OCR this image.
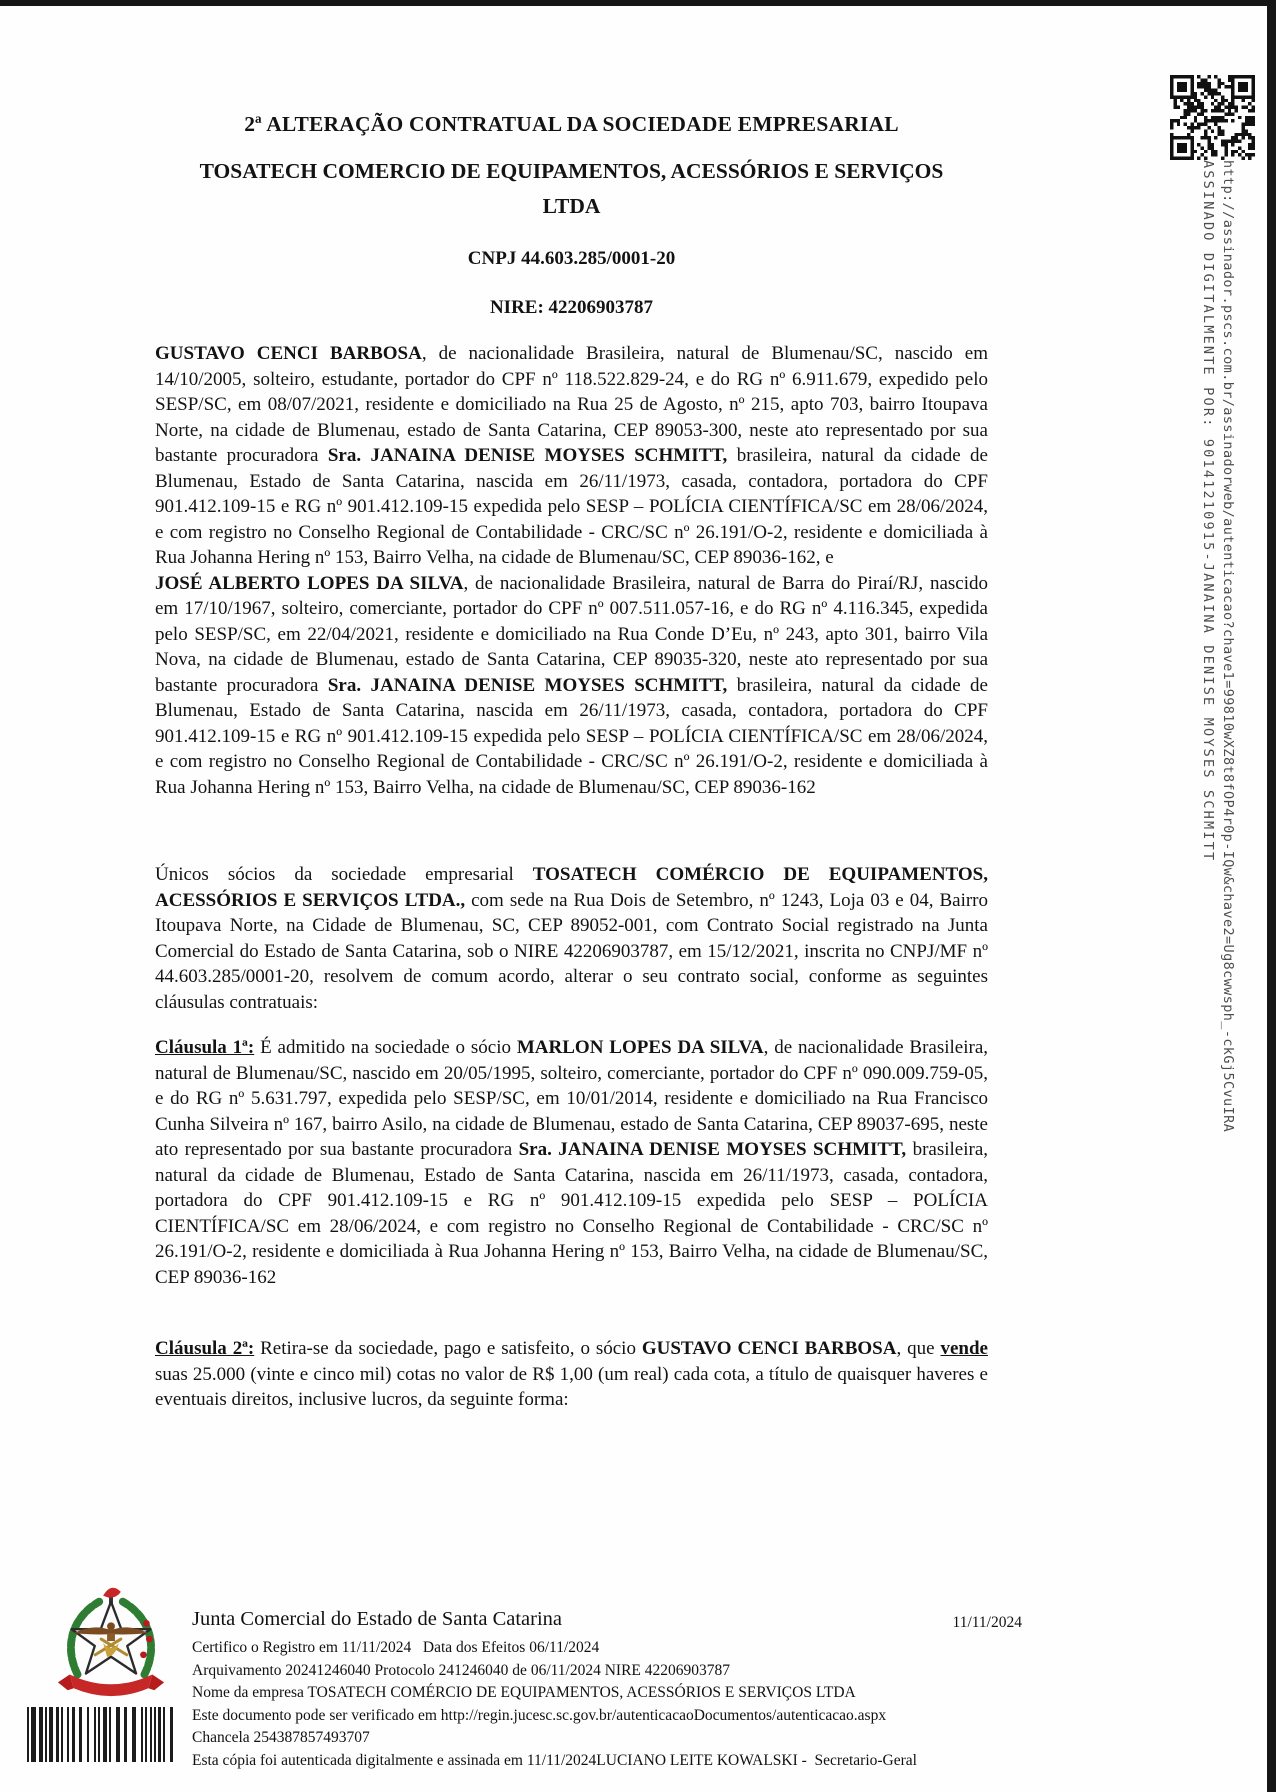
http://assinador.pscs.com.br/assinadorweb/autenticacao?chave1=99810wXZ8t8fOP4r0p-IQw&chave2=Ug8cwwsph_-ckGj5CvuIRA
ASSINADO DIGITALMENTE POR: 90141210915-JANAINA DENISE MOYSES SCHMITT

2ª ALTERAÇÃO CONTRATUAL DA SOCIEDADE EMPRESARIAL

TOSATECH COMERCIO DE EQUIPAMENTOS, ACESSÓRIOS E SERVIÇOS LTDA

CNPJ 44.603.285/0001-20

NIRE: 42206903787

GUSTAVO CENCI BARBOSA, de nacionalidade Brasileira, natural de Blumenau/SC, nascido em 14/10/2005, solteiro, estudante, portador do CPF nº 118.522.829-24, e do RG nº 6.911.679, expedido pelo SESP/SC, em 08/07/2021, residente e domiciliado na Rua 25 de Agosto, nº 215, apto 703, bairro Itoupava Norte, na cidade de Blumenau, estado de Santa Catarina, CEP 89053-300, neste ato representado por sua bastante procuradora Sra. JANAINA DENISE MOYSES SCHMITT, brasileira, natural da cidade de Blumenau, Estado de Santa Catarina, nascida em 26/11/1973, casada, contadora, portadora do CPF 901.412.109-15 e RG nº 901.412.109-15 expedida pelo SESP – POLÍCIA CIENTÍFICA/SC em 28/06/2024, e com registro no Conselho Regional de Contabilidade - CRC/SC nº 26.191/O-2, residente e domiciliada à Rua Johanna Hering nº 153, Bairro Velha, na cidade de Blumenau/SC, CEP 89036-162, e

JOSÉ ALBERTO LOPES DA SILVA, de nacionalidade Brasileira, natural de Barra do Piraí/RJ, nascido em 17/10/1967, solteiro, comerciante, portador do CPF nº 007.511.057-16, e do RG nº 4.116.345, expedida pelo SESP/SC, em 22/04/2021, residente e domiciliado na Rua Conde D’Eu, nº 243, apto 301, bairro Vila Nova, na cidade de Blumenau, estado de Santa Catarina, CEP 89035-320, neste ato representado por sua bastante procuradora Sra. JANAINA DENISE MOYSES SCHMITT, brasileira, natural da cidade de Blumenau, Estado de Santa Catarina, nascida em 26/11/1973, casada, contadora, portadora do CPF 901.412.109-15 e RG nº 901.412.109-15 expedida pelo SESP – POLÍCIA CIENTÍFICA/SC em 28/06/2024, e com registro no Conselho Regional de Contabilidade - CRC/SC nº 26.191/O-2, residente e domiciliada à Rua Johanna Hering nº 153, Bairro Velha, na cidade de Blumenau/SC, CEP 89036-162

Únicos sócios da sociedade empresarial TOSATECH COMÉRCIO DE EQUIPAMENTOS, ACESSÓRIOS E SERVIÇOS LTDA., com sede na Rua Dois de Setembro, nº 1243, Loja 03 e 04, Bairro Itoupava Norte, na Cidade de Blumenau, SC, CEP 89052-001, com Contrato Social registrado na Junta Comercial do Estado de Santa Catarina, sob o NIRE 42206903787, em 15/12/2021, inscrita no CNPJ/MF nº 44.603.285/0001-20, resolvem de comum acordo, alterar o seu contrato social, conforme as seguintes cláusulas contratuais:

Cláusula 1ª: É admitido na sociedade o sócio MARLON LOPES DA SILVA, de nacionalidade Brasileira, natural de Blumenau/SC, nascido em 20/05/1995, solteiro, comerciante, portador do CPF nº 090.009.759-05, e do RG nº 5.631.797, expedida pelo SESP/SC, em 10/01/2014, residente e domiciliado na Rua Francisco Cunha Silveira nº 167, bairro Asilo, na cidade de Blumenau, estado de Santa Catarina, CEP 89037-695, neste ato representado por sua bastante procuradora Sra. JANAINA DENISE MOYSES SCHMITT, brasileira, natural da cidade de Blumenau, Estado de Santa Catarina, nascida em 26/11/1973, casada, contadora, portadora do CPF 901.412.109-15 e RG nº 901.412.109-15 expedida pelo SESP – POLÍCIA CIENTÍFICA/SC em 28/06/2024, e com registro no Conselho Regional de Contabilidade - CRC/SC nº 26.191/O-2, residente e domiciliada à Rua Johanna Hering nº 153, Bairro Velha, na cidade de Blumenau/SC, CEP 89036-162

Cláusula 2ª: Retira-se da sociedade, pago e satisfeito, o sócio GUSTAVO CENCI BARBOSA, que vende suas 25.000 (vinte e cinco mil) cotas no valor de R$ 1,00 (um real) cada cota, a título de quaisquer haveres e eventuais direitos, inclusive lucros, da seguinte forma:

Junta Comercial do Estado de Santa Catarina	11/11/2024
Certifico o Registro em 11/11/2024   Data dos Efeitos 06/11/2024
Arquivamento 20241246040 Protocolo 241246040 de 06/11/2024 NIRE 42206903787
Nome da empresa TOSATECH COMÉRCIO DE EQUIPAMENTOS, ACESSÓRIOS E SERVIÇOS LTDA
Este documento pode ser verificado em http://regin.jucesc.sc.gov.br/autenticacaoDocumentos/autenticacao.aspx
Chancela 254387857493707
Esta cópia foi autenticada digitalmente e assinada em 11/11/2024LUCIANO LEITE KOWALSKI -  Secretario-Geral
